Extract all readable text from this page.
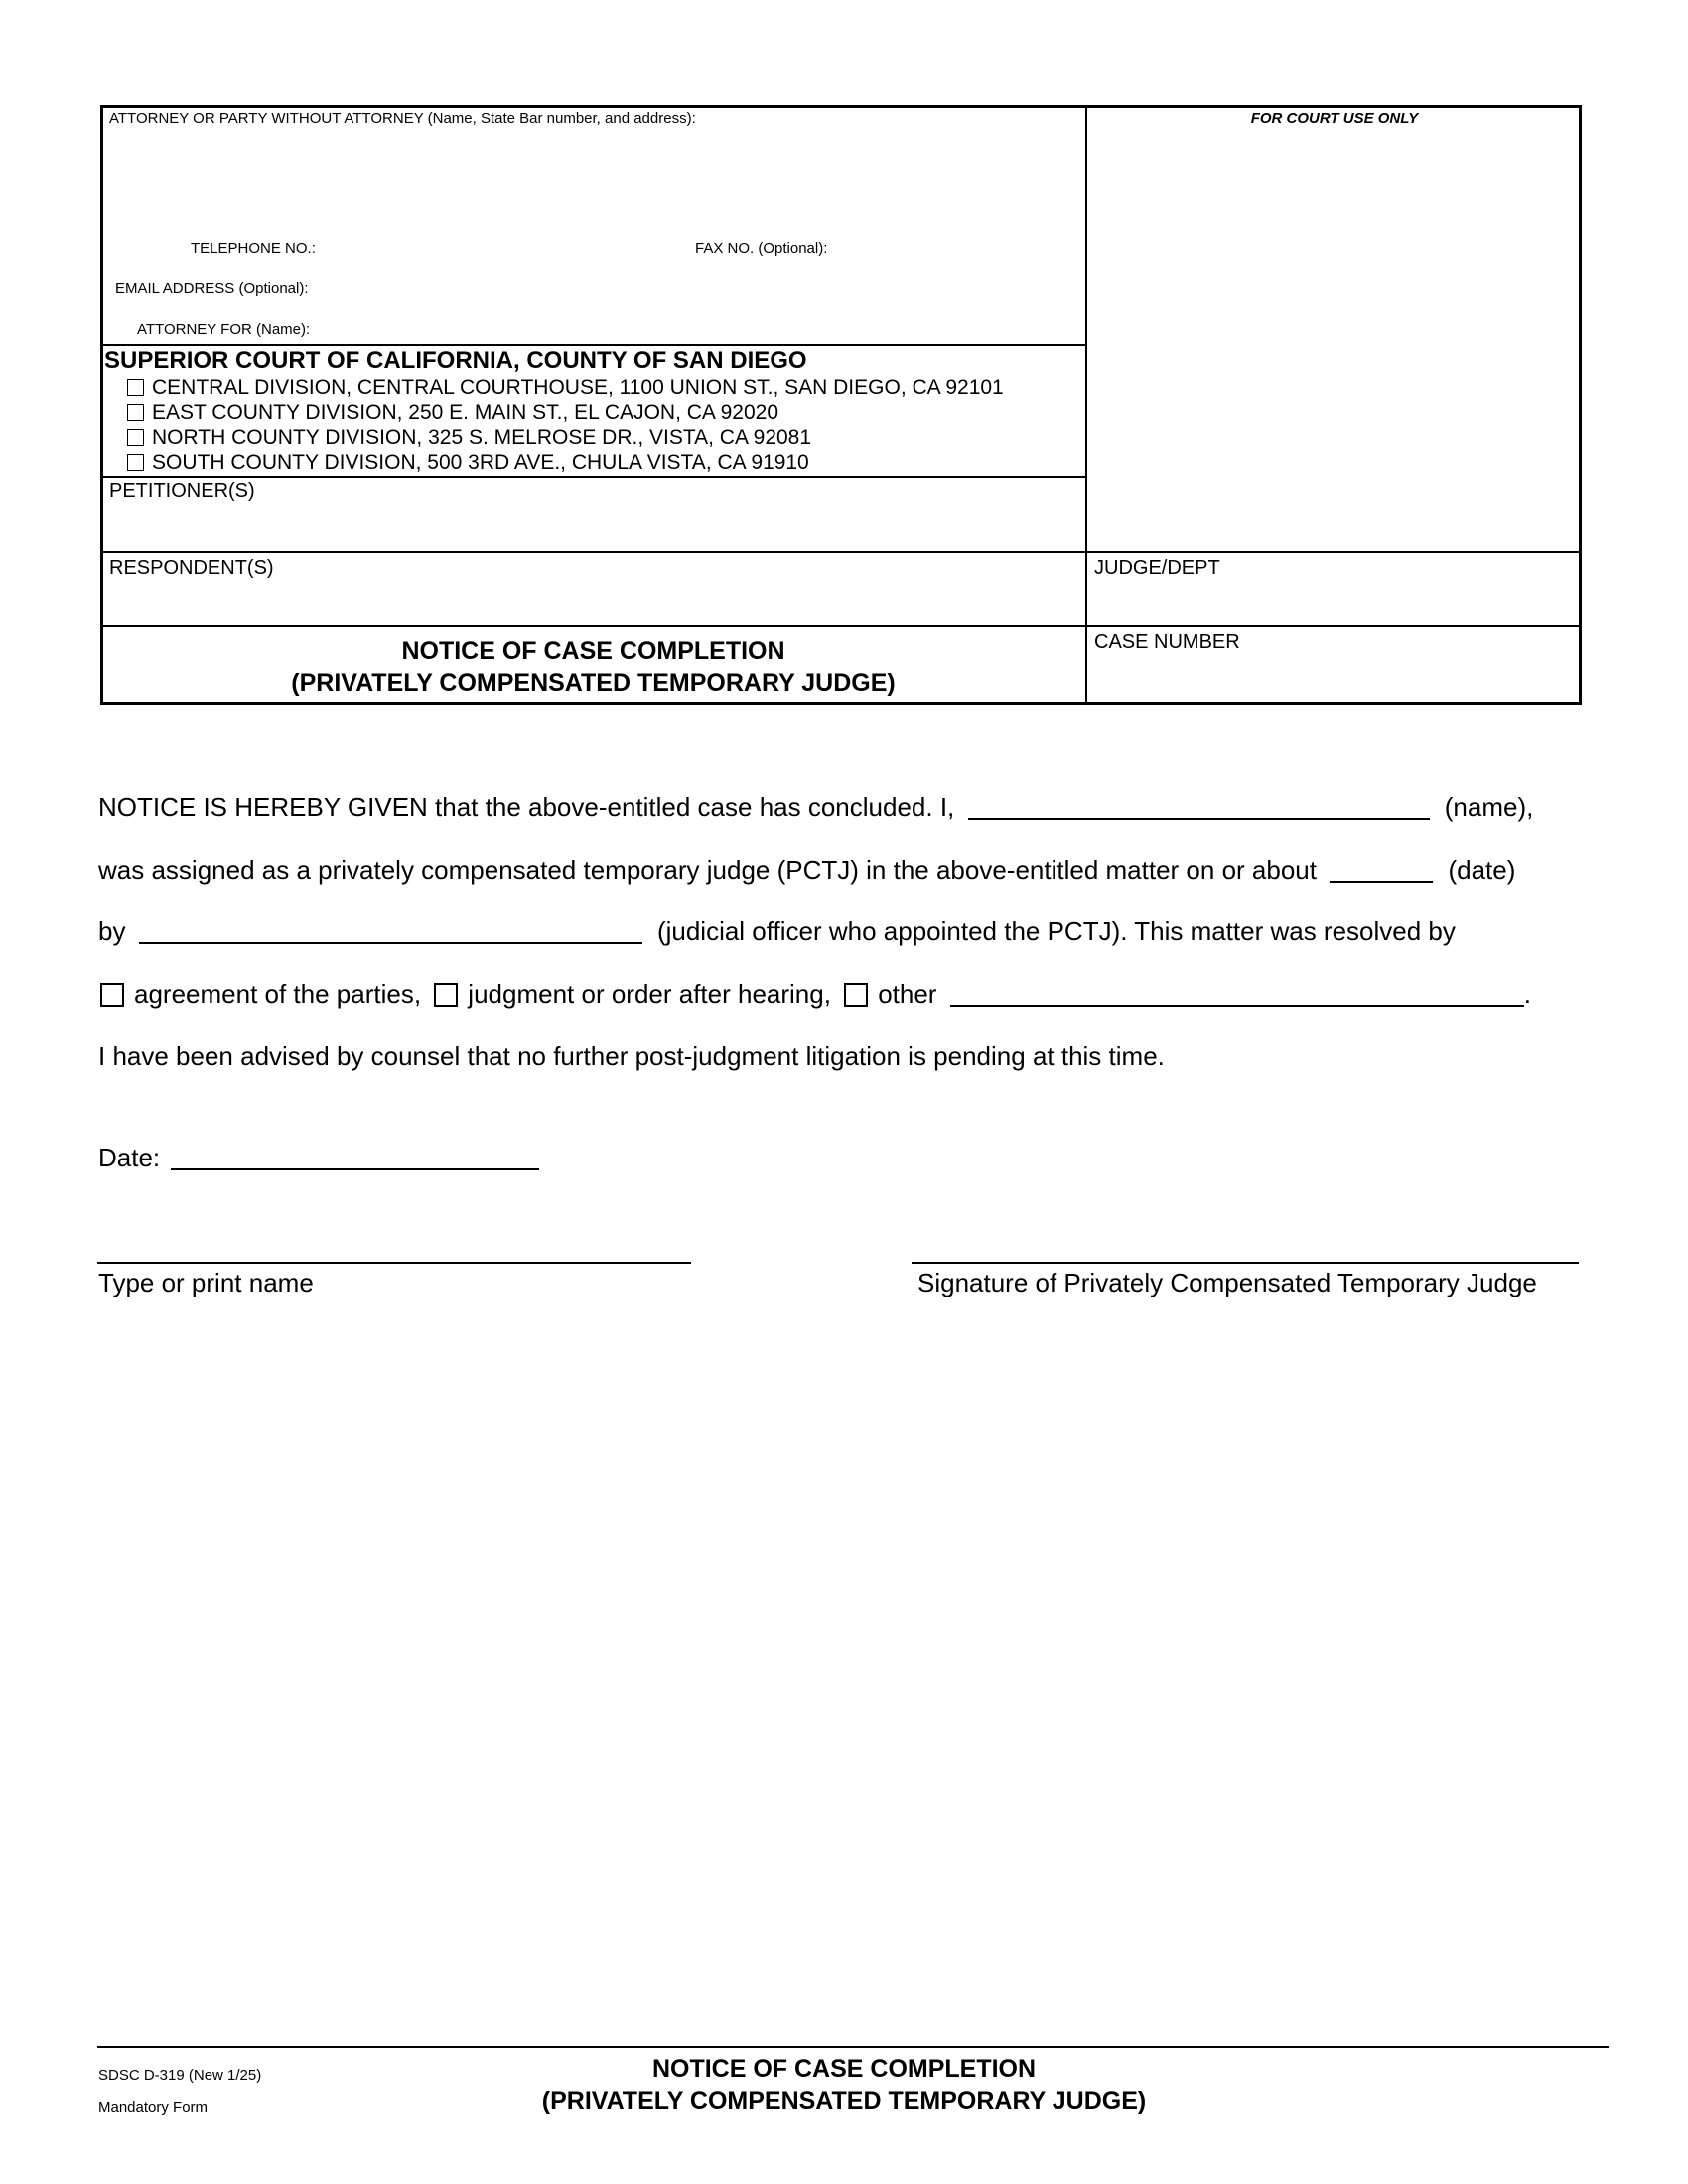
ATTORNEY OR PARTY WITHOUT ATTORNEY (Name, State Bar number, and address):
TELEPHONE NO.:	FAX NO. (Optional):
EMAIL ADDRESS (Optional):
ATTORNEY FOR (Name):
FOR COURT USE ONLY
SUPERIOR COURT OF CALIFORNIA, COUNTY OF SAN DIEGO
CENTRAL DIVISION, CENTRAL COURTHOUSE, 1100 UNION ST., SAN DIEGO, CA 92101
EAST COUNTY DIVISION, 250 E. MAIN ST., EL CAJON, CA 92020
NORTH COUNTY DIVISION, 325 S. MELROSE DR., VISTA, CA 92081
SOUTH COUNTY DIVISION, 500 3RD AVE., CHULA VISTA, CA 91910
PETITIONER(S)
RESPONDENT(S)	JUDGE/DEPT
CASE NUMBER
NOTICE OF CASE COMPLETION
(PRIVATELY COMPENSATED TEMPORARY JUDGE)
NOTICE IS HEREBY GIVEN that the above-entitled case has concluded. I,	(name),
was assigned as a privately compensated temporary judge (PCTJ) in the above-entitled matter on or about	(date)
by	(judicial officer who appointed the PCTJ). This matter was resolved by
agreement of the parties, judgment or order after hearing, other	.
I have been advised by counsel that no further post-judgment litigation is pending at this time.
Date:
Type or print name	Signature of Privately Compensated Temporary Judge
SDSC D-319 (New 1/25)
Mandatory Form
NOTICE OF CASE COMPLETION
(PRIVATELY COMPENSATED TEMPORARY JUDGE)
